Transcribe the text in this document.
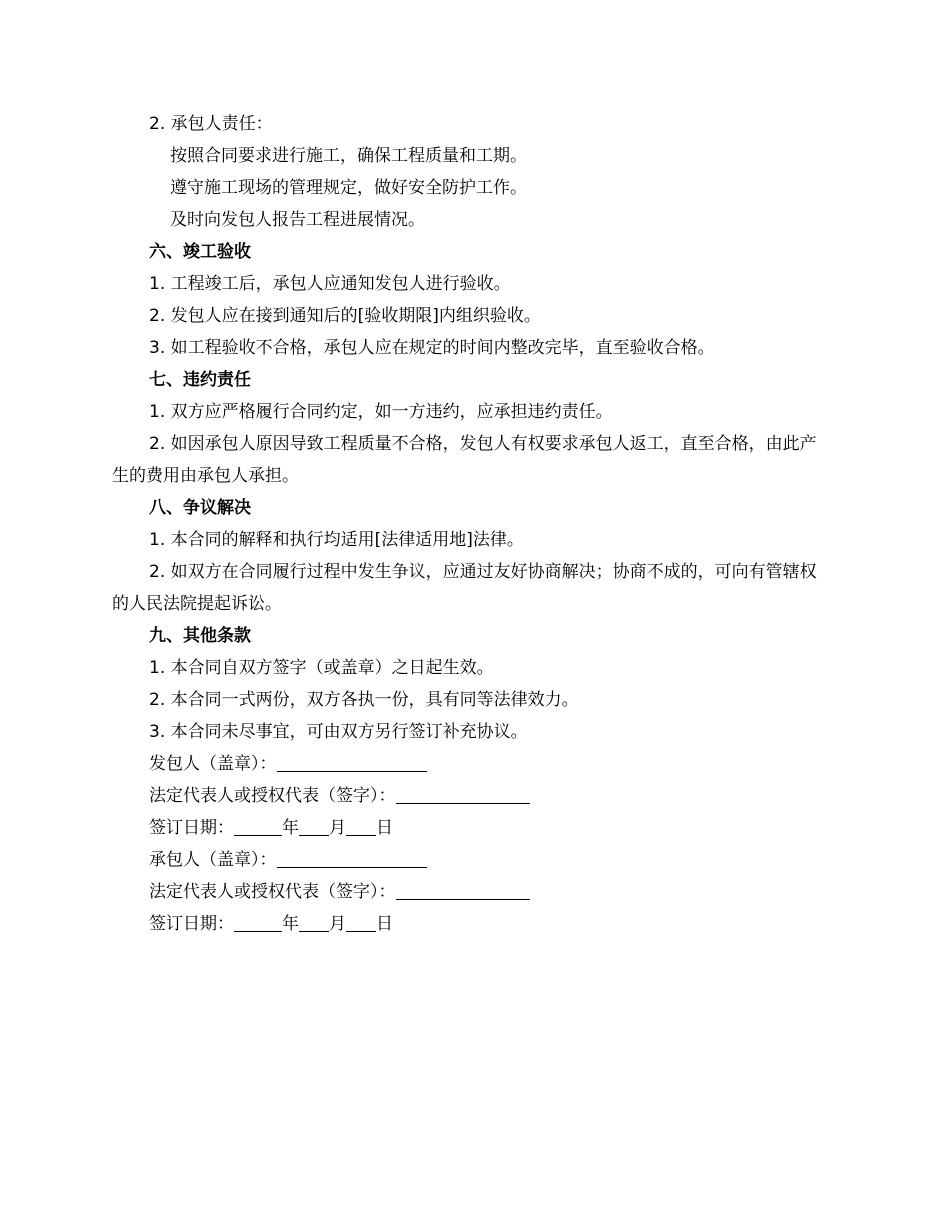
2. 承包人责任：

按照合同要求进行施工，确保工程质量和工期。

遵守施工现场的管理规定，做好安全防护工作。

及时向发包人报告工程进展情况。

六、竣工验收

1. 工程竣工后，承包人应通知发包人进行验收。

2. 发包人应在接到通知后的[验收期限]内组织验收。

3. 如工程验收不合格，承包人应在规定的时间内整改完毕，直至验收合格。

七、违约责任

1. 双方应严格履行合同约定，如一方违约，应承担违约责任。

2. 如因承包人原因导致工程质量不合格，发包人有权要求承包人返工，直至合格，由此产生的费用由承包人承担。

八、争议解决

1. 本合同的解释和执行均适用[法律适用地]法律。

2. 如双方在合同履行过程中发生争议，应通过友好协商解决；协商不成的，可向有管辖权的人民法院提起诉讼。

九、其他条款

1. 本合同自双方签字（或盖章）之日起生效。

2. 本合同一式两份，双方各执一份，具有同等法律效力。

3. 本合同未尽事宜，可由双方另行签订补充协议。

发包人（盖章）：

法定代表人或授权代表（签字）：

签订日期：	年 月 日

承包人（盖章）：

法定代表人或授权代表（签字）：

签订日期：	年 月 日
